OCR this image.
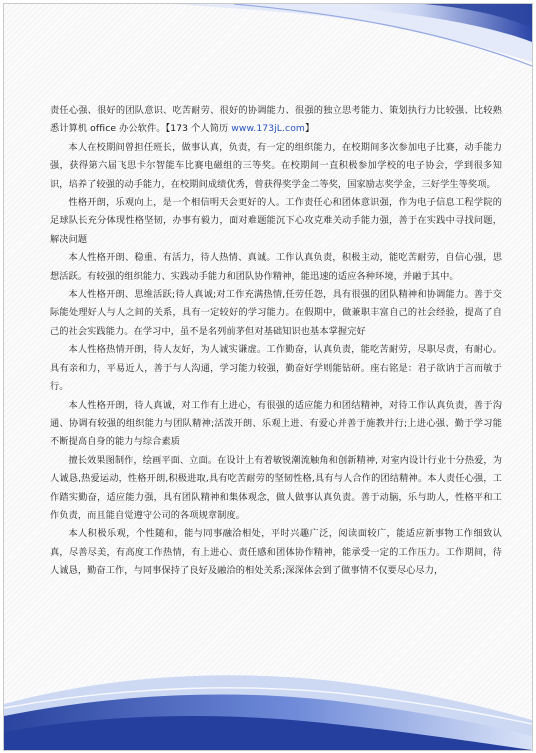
责任心强、很好的团队意识、吃苦耐劳、很好的协调能力、很强的独立思考能力、策划执行力比较强、比较熟悉计算机 office 办公软件。【173 个人简历 www.173jL.com】

本人在校期间曾担任班长，做事认真，负责，有一定的组织能力，在校期间多次参加电子比赛，动手能力强，获得第六届飞思卡尔智能车比赛电磁组的三等奖。在校期间一直积极参加学校的电子协会，学到很多知识，培养了较强的动手能力，在校期间成绩优秀，曾获得奖学金二等奖，国家励志奖学金，三好学生等奖项。

性格开朗，乐观向上，是一个相信明天会更好的人。工作责任心和团体意识强，作为电子信息工程学院的足球队长充分体现性格坚韧，办事有毅力，面对难题能沉下心攻克难关动手能力强，善于在实践中寻找问题，解决问题

本人性格开朗、稳重、有活力，待人热情、真诚。工作认真负责，积极主动，能吃苦耐劳，自信心强，思想活跃。有较强的组织能力、实践动手能力和团队协作精神，能迅速的适应各种环境，并融于其中。

本人性格开朗、思维活跃;待人真诚;对工作充满热情,任劳任怨，具有很强的团队精神和协调能力。善于交际能处理好人与人之间的关系，具有一定较好的学习能力。在假期中，做兼职丰富自己的社会经验，提高了自己的社会实践能力。在学习中，虽不是名列前茅但对基础知识也基本掌握完好

本人性格热情开朗，待人友好，为人诚实谦虚。工作勤奋，认真负责，能吃苦耐劳，尽职尽责，有耐心。具有亲和力，平易近人，善于与人沟通，学习能力较强，勤奋好学则能钻研。座右铭是：君子欲讷于言而敏于行。

本人性格开朗，待人真诚，对工作有上进心，有很强的适应能力和团结精神，对待工作认真负责，善于沟通、协调有较强的组织能力与团队精神;活泼开朗、乐观上进、有爱心并善于施教并行;上进心强、勤于学习能不断提高自身的能力与综合素质

擅长效果图制作，绘画平面、立面。在设计上有着敏锐潮流触角和创新精神, 对室内设计行业十分热爱，为人诚恳,热爱运动，性格开朗,积极进取,具有吃苦耐劳的坚韧性格,具有与人合作的团结精神。本人责任心强，工作踏实勤奋，适应能力强，具有团队精神和集体观念，做人做事认真负责。善于动脑，乐与助人，性格平和工作负责，而且能自觉遵守公司的各项规章制度。

本人积极乐观，个性随和，能与同事融洽相处，平时兴趣广泛，阅读面较广，能适应新事物工作细致认真，尽善尽美，有高度工作热情，有上进心、责任感和团体协作精神，能承受一定的工作压力。工作期间，待人诚恳，勤奋工作，与同事保持了良好及融洽的相处关系;深深体会到了做事情不仅要尽心尽力，
